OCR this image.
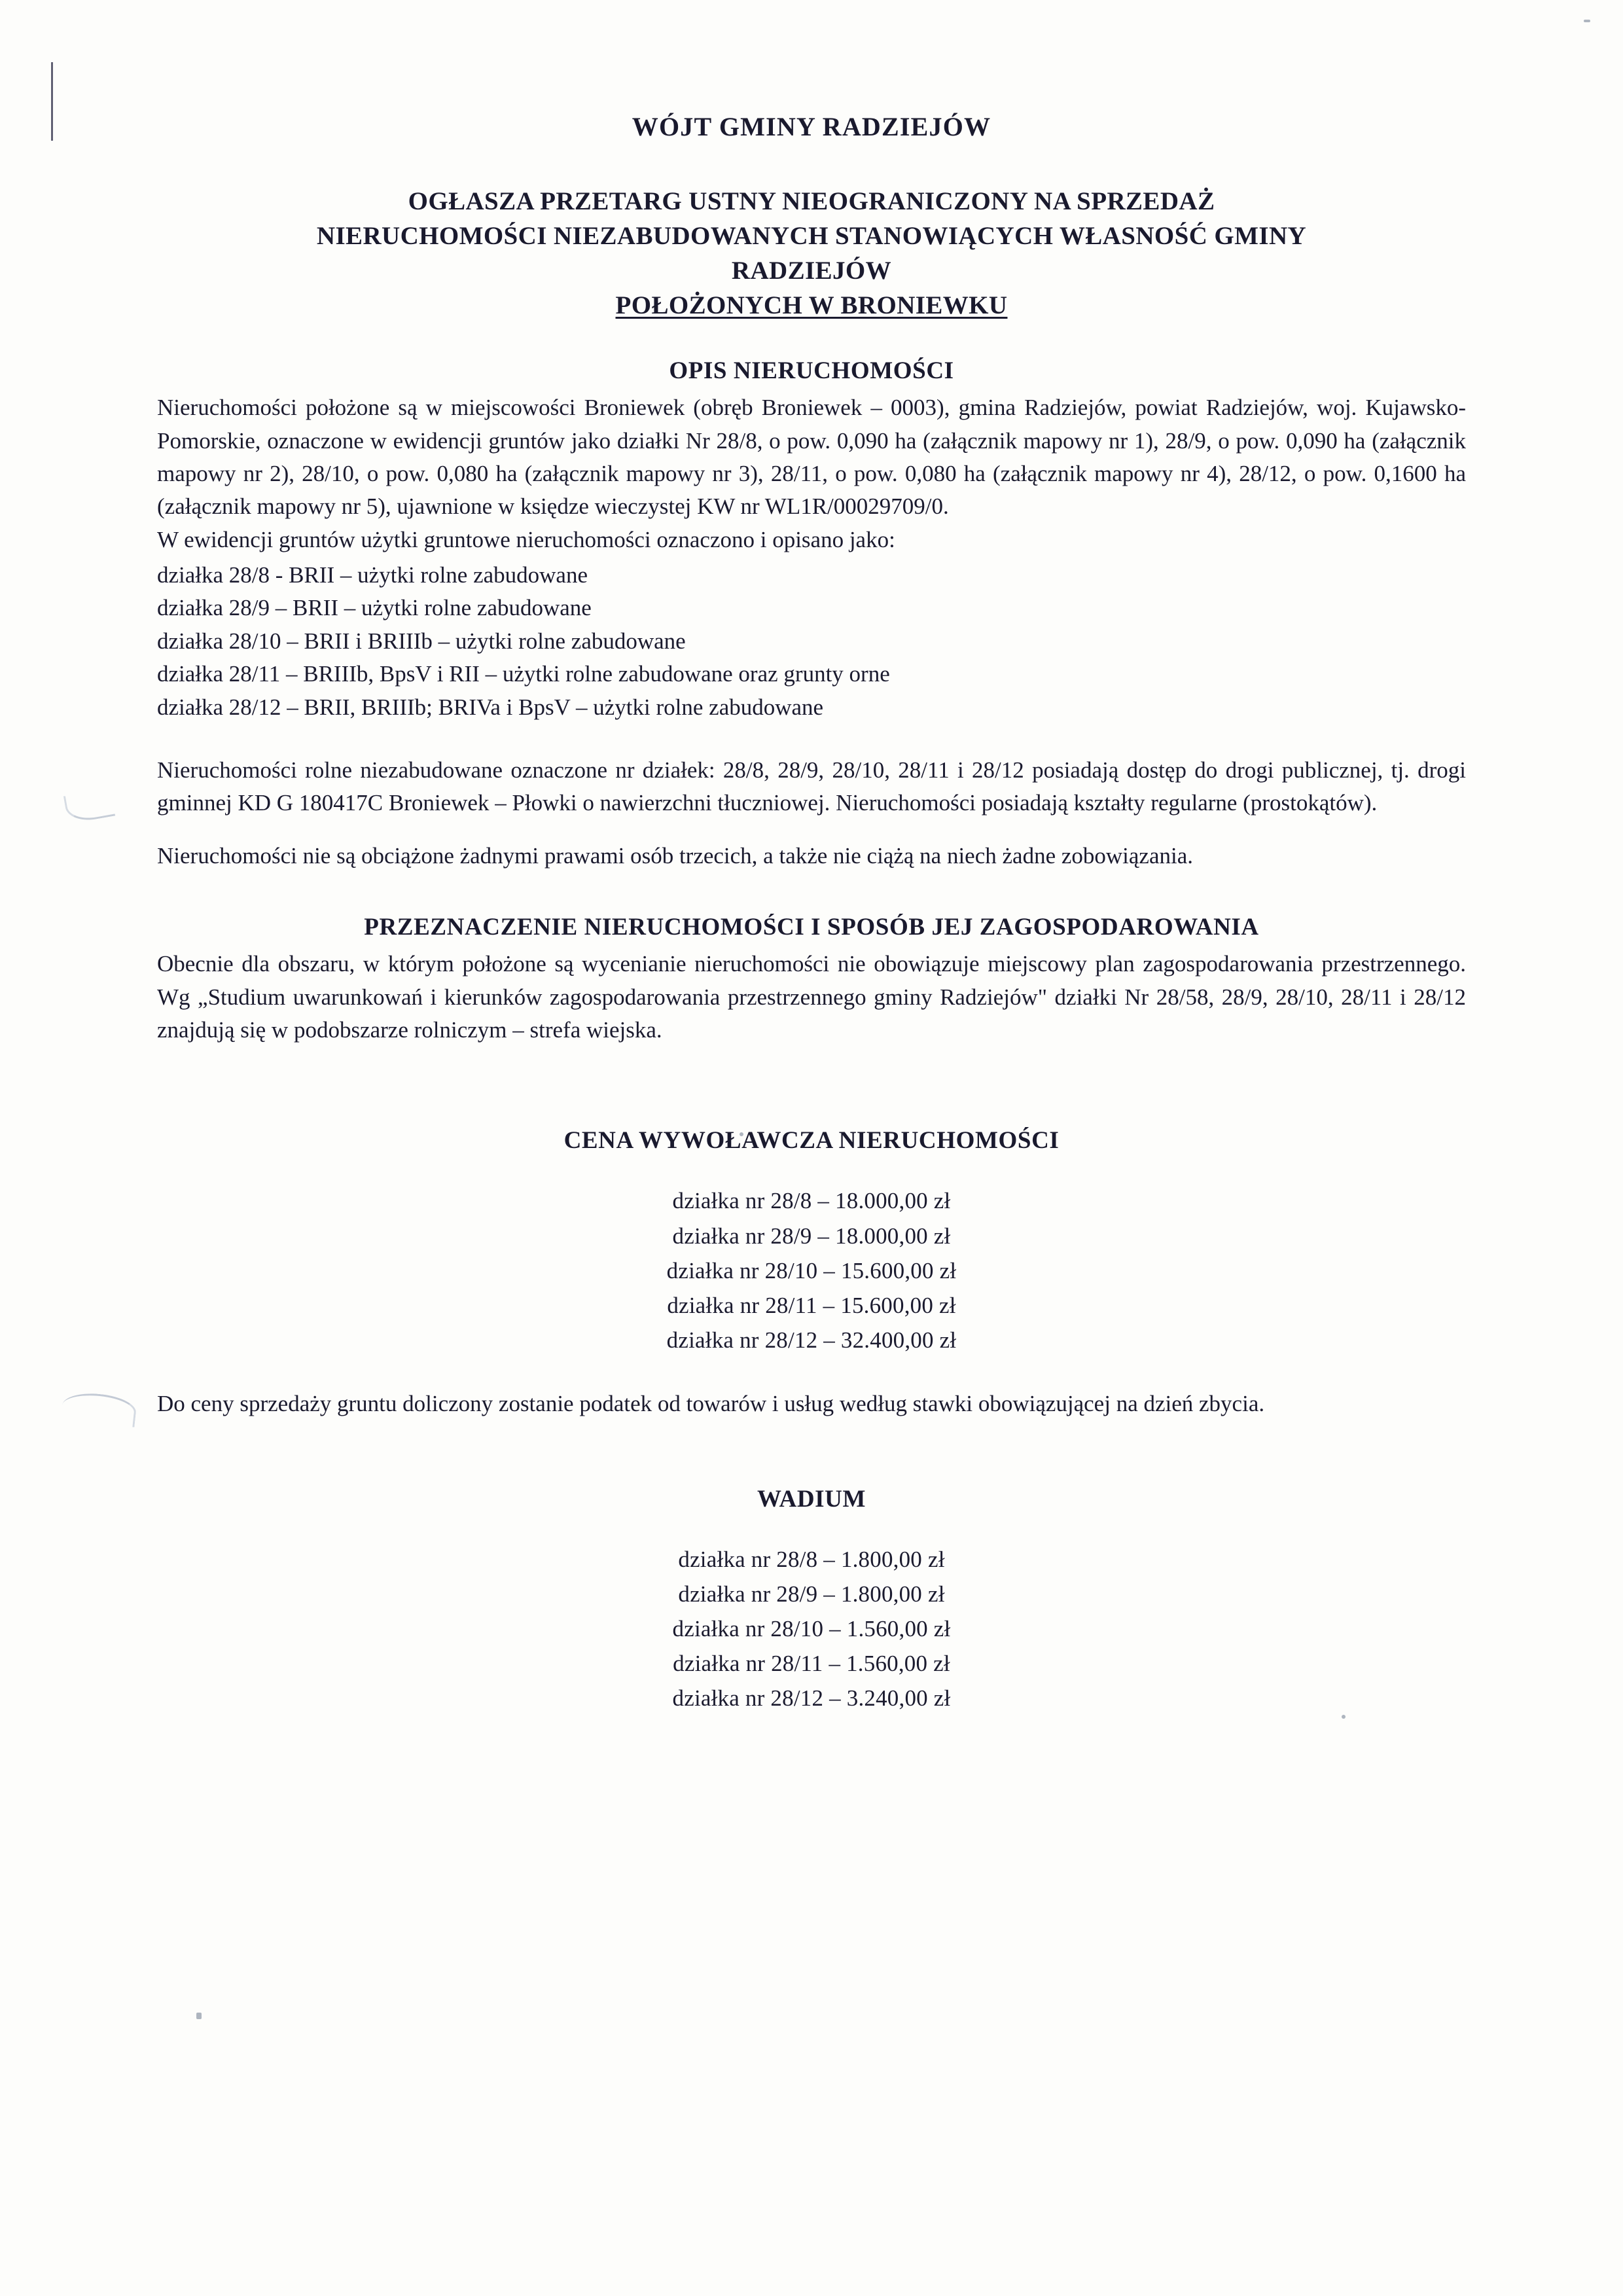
WÓJT GMINY RADZIEJÓW
OGŁASZA PRZETARG USTNY NIEOGRANICZONY NA SPRZEDAŻ
NIERUCHOMOŚCI NIEZABUDOWANYCH STANOWIĄCYCH WŁASNOŚĆ GMINY
RADZIEJÓW
POŁOŻONYCH W BRONIEWKU
OPIS NIERUCHOMOŚCI

Nieruchomości położone są w miejscowości Broniewek (obręb Broniewek – 0003), gmina Radziejów, powiat Radziejów, woj. Kujawsko-Pomorskie, oznaczone w ewidencji gruntów jako działki Nr 28/8, o pow. 0,090 ha (załącznik mapowy nr 1), 28/9, o pow. 0,090 ha (załącznik mapowy nr 2), 28/10, o pow. 0,080 ha (załącznik mapowy nr 3), 28/11, o pow. 0,080 ha (załącznik mapowy nr 4), 28/12, o pow. 0,1600 ha (załącznik mapowy nr 5), ujawnione w księdze wieczystej KW nr WL1R/00029709/0.

W ewidencji gruntów użytki gruntowe nieruchomości oznaczono i opisano jako:
działka 28/8 - BRII – użytki rolne zabudowane
działka 28/9 – BRII – użytki rolne zabudowane
działka 28/10 – BRII i BRIIIb – użytki rolne zabudowane
działka 28/11 – BRIIIb, BpsV i RII – użytki rolne zabudowane oraz grunty orne
działka 28/12 – BRII, BRIIIb; BRIVa i BpsV – użytki rolne zabudowane

Nieruchomości rolne niezabudowane oznaczone nr działek: 28/8, 28/9, 28/10, 28/11 i 28/12 posiadają dostęp do drogi publicznej, tj. drogi gminnej KD G 180417C Broniewek – Płowki o nawierzchni tłuczniowej. Nieruchomości posiadają kształty regularne (prostokątów).

Nieruchomości nie są obciążone żadnymi prawami osób trzecich, a także nie ciążą na niech żadne zobowiązania.

PRZEZNACZENIE NIERUCHOMOŚCI I SPOSÓB JEJ ZAGOSPODAROWANIA

Obecnie dla obszaru, w którym położone są wycenianie nieruchomości nie obowiązuje miejscowy plan zagospodarowania przestrzennego. Wg „Studium uwarunkowań i kierunków zagospodarowania przestrzennego gminy Radziejów" działki Nr 28/58, 28/9, 28/10, 28/11 i 28/12 znajdują się w podobszarze rolniczym – strefa wiejska.

CENA WYWOŁAWCZA NIERUCHOMOŚCI
działka nr 28/8 – 18.000,00 zł
działka nr 28/9 – 18.000,00 zł
działka nr 28/10 – 15.600,00 zł
działka nr 28/11 – 15.600,00 zł
działka nr 28/12 – 32.400,00 zł

Do ceny sprzedaży gruntu doliczony zostanie podatek od towarów i usług według stawki obowiązującej na dzień zbycia.

WADIUM
działka nr 28/8 – 1.800,00 zł
działka nr 28/9 – 1.800,00 zł
działka nr 28/10 – 1.560,00 zł
działka nr 28/11 – 1.560,00 zł
działka nr 28/12 – 3.240,00 zł
